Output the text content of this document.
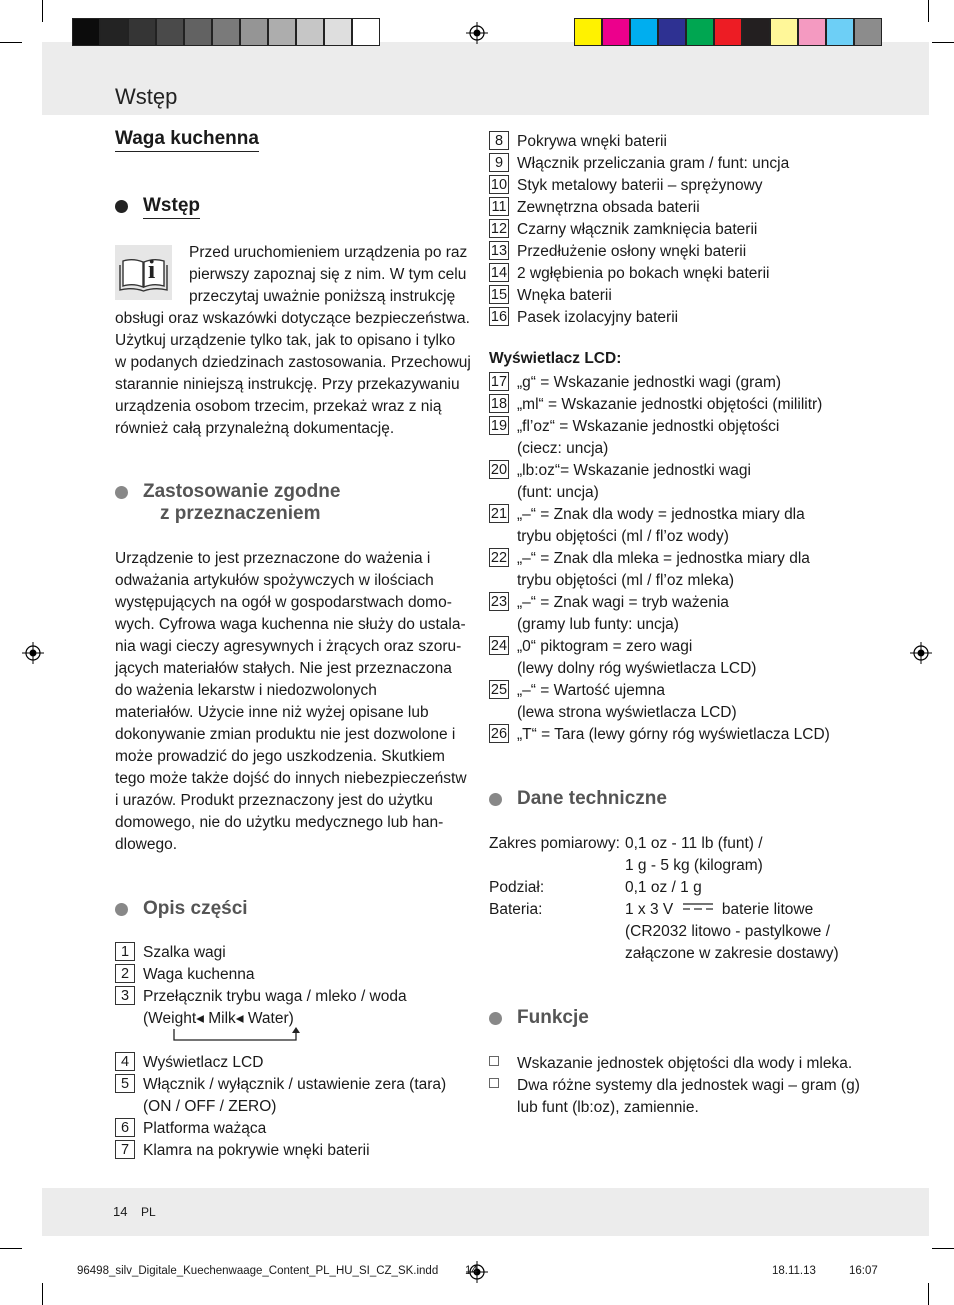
Wstęp
Waga kuchenna
Wstęp
i
Przed uruchomieniem urządzenia po raz
pierwszy zapoznaj się z nim. W tym celu
przeczytaj uważnie poniższą instrukcję
obsługi oraz wskazówki dotyczące bezpieczeństwa.
Użytkuj urządzenie tylko tak, jak to opisano i tylko
w podanych dziedzinach zastosowania. Przechowuj
starannie niniejszą instrukcję. Przy przekazywaniu
urządzenia osobom trzecim, przekaż wraz z nią
również całą przynależną dokumentację.
Zastosowanie zgodne
z przeznaczeniem
Urządzenie to jest przeznaczone do ważenia i
odważania artykułów spożywczych w ilościach
występujących na ogół w gospodarstwach domo-
wych. Cyfrowa waga kuchenna nie służy do ustala-
nia wagi cieczy agresywnych i żrących oraz szoru-
jących materiałów stałych. Nie jest przeznaczona
do ważenia lekarstw i niedozwolonych
materiałów. Użycie inne niż wyżej opisane lub
dokonywanie zmian produktu nie jest dozwolone i
może prowadzić do jego uszkodzenia. Skutkiem
tego może także dojść do innych niebezpieczeństw
i urazów. Produkt przeznaczony jest do użytku
domowego, nie do użytku medycznego lub han-
dlowego.
Opis części
1 Szalka wagi
2 Waga kuchenna
3 Przełącznik trybu waga / mleko / woda
(Weight◂ Milk◂ Water)
4 Wyświetlacz LCD
5 Włącznik / wyłącznik / ustawienie zera (tara)
(ON / OFF / ZERO)
6 Platforma ważąca
7 Klamra na pokrywie wnęki baterii
8 Pokrywa wnęki baterii
9 Włącznik przeliczania gram / funt: uncja
10 Styk metalowy baterii – sprężynowy
11 Zewnętrzna obsada baterii
12 Czarny włącznik zamknięcia baterii
13 Przedłużenie osłony wnęki baterii
14 2 wgłębienia po bokach wnęki baterii
15 Wnęka baterii
16 Pasek izolacyjny baterii
Wyświetlacz LCD:
17 „g“ = Wskazanie jednostki wagi (gram)
18 „ml“ = Wskazanie jednostki objętości (mililitr)
19 „fl’oz“ = Wskazanie jednostki objętości
(ciecz: uncja)
20 „lb:oz“= Wskazanie jednostki wagi
(funt: uncja)
21 „–“ = Znak dla wody = jednostka miary dla
trybu objętości (ml / fl’oz wody)
22 „–“ = Znak dla mleka = jednostka miary dla
trybu objętości (ml / fl’oz mleka)
23 „–“ = Znak wagi = tryb ważenia
(gramy lub funty: uncja)
24 „0“ piktogram = zero wagi
(lewy dolny róg wyświetlacza LCD)
25 „–“ = Wartość ujemna
(lewa strona wyświetlacza LCD)
26 „T“ = Tara (lewy górny róg wyświetlacza LCD)
Dane techniczne
Zakres pomiarowy: 0,1 oz - 11 lb (funt) /
1 g - 5 kg (kilogram)
Podział:	0,1 oz / 1 g
Bateria:	1 x 3 V	baterie litowe
(CR2032 litowo - pastylkowe /
załączone w zakresie dostawy)
Funkcje
Wskazanie jednostek objętości dla wody i mleka.
Dwa różne systemy dla jednostek wagi – gram (g)
lub funt (lb:oz), zamiennie.
14 PL
96498_silv_Digitale_Kuechenwaage_Content_PL_HU_SI_CZ_SK.indd 14	18.11.13	16:07
